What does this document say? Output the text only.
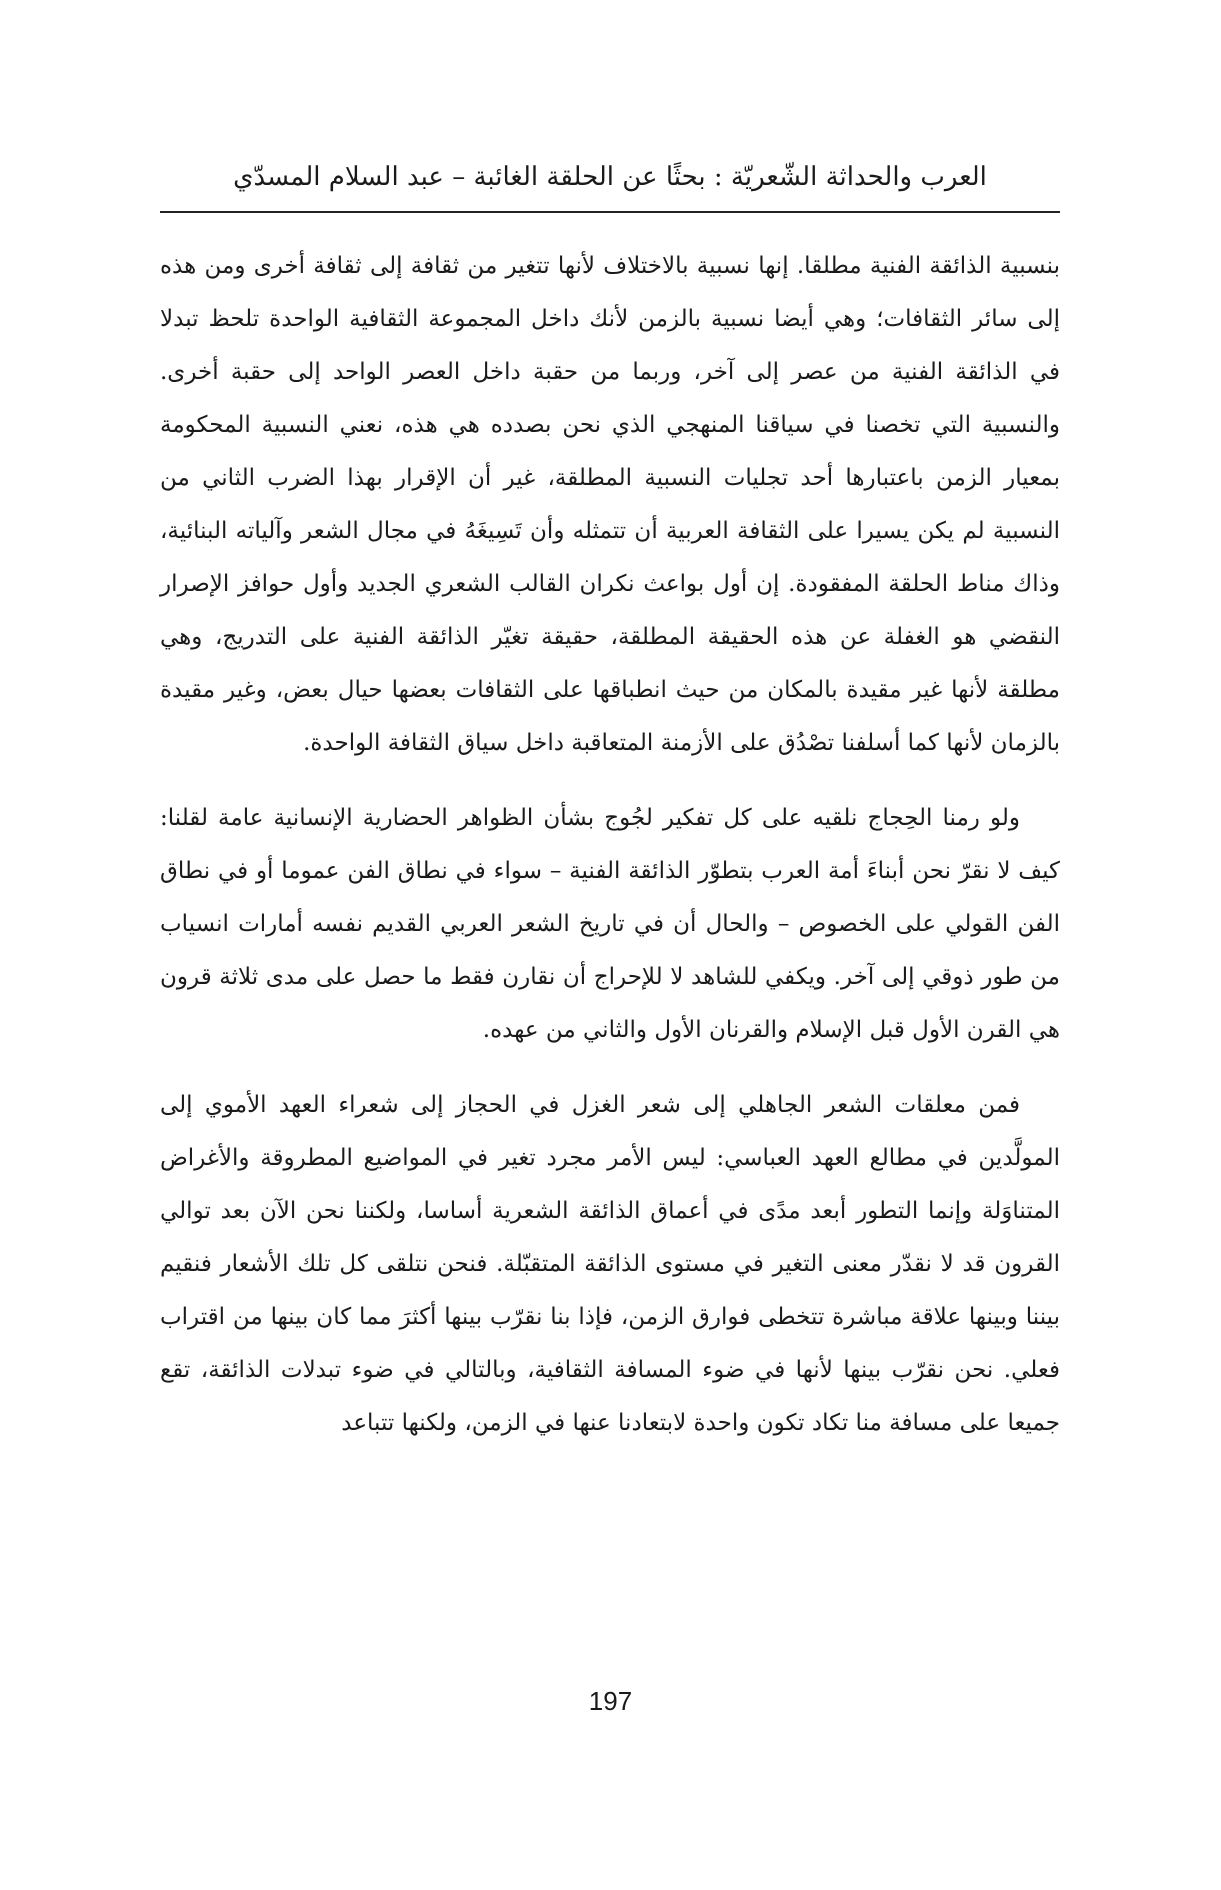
العرب والحداثة الشّعريّة : بحثًا عن الحلقة الغائبة – عبد السلام المسدّي

بنسبية الذائقة الفنية مطلقا. إنها نسبية بالاختلاف لأنها تتغير من ثقافة إلى ثقافة أخرى ومن هذه إلى سائر الثقافات؛ وهي أيضا نسبية بالزمن لأنك داخل المجموعة الثقافية الواحدة تلحظ تبدلا في الذائقة الفنية من عصر إلى آخر، وربما من حقبة داخل العصر الواحد إلى حقبة أخرى. والنسبية التي تخصنا في سياقنا المنهجي الذي نحن بصدده هي هذه، نعني النسبية المحكومة بمعيار الزمن باعتبارها أحد تجليات النسبية المطلقة، غير أن الإقرار بهذا الضرب الثاني من النسبية لم يكن يسيرا على الثقافة العربية أن تتمثله وأن تَسِيغَهُ في مجال الشعر وآلياته البنائية، وذاك مناط الحلقة المفقودة. إن أول بواعث نكران القالب الشعري الجديد وأول حوافز الإصرار النقضي هو الغفلة عن هذه الحقيقة المطلقة، حقيقة تغيّر الذائقة الفنية على التدريج، وهي مطلقة لأنها غير مقيدة بالمكان من حيث انطباقها على الثقافات بعضها حيال بعض، وغير مقيدة بالزمان لأنها كما أسلفنا تصْدُق على الأزمنة المتعاقبة داخل سياق الثقافة الواحدة.

ولو رمنا الحِجاج نلقيه على كل تفكير لجُوج بشأن الظواهر الحضارية الإنسانية عامة لقلنا: كيف لا نقرّ نحن أبناءَ أمة العرب بتطوّر الذائقة الفنية – سواء في نطاق الفن عموما أو في نطاق الفن القولي على الخصوص – والحال أن في تاريخ الشعر العربي القديم نفسه أمارات انسياب من طور ذوقي إلى آخر. ويكفي للشاهد لا للإحراج أن نقارن فقط ما حصل على مدى ثلاثة قرون هي القرن الأول قبل الإسلام والقرنان الأول والثاني من عهده.

فمن معلقات الشعر الجاهلي إلى شعر الغزل في الحجاز إلى شعراء العهد الأموي إلى المولَّدين في مطالع العهد العباسي: ليس الأمر مجرد تغير في المواضيع المطروقة والأغراض المتناوَلة وإنما التطور أبعد مدًى في أعماق الذائقة الشعرية أساسا، ولكننا نحن الآن بعد توالي القرون قد لا نقدّر معنى التغير في مستوى الذائقة المتقبّلة. فنحن نتلقى كل تلك الأشعار فنقيم بيننا وبينها علاقة مباشرة تتخطى فوارق الزمن، فإذا بنا نقرّب بينها أكثرَ مما كان بينها من اقتراب فعلي. نحن نقرّب بينها لأنها في ضوء المسافة الثقافية، وبالتالي في ضوء تبدلات الذائقة، تقع جميعا على مسافة منا تكاد تكون واحدة لابتعادنا عنها في الزمن، ولكنها تتباعد

197
